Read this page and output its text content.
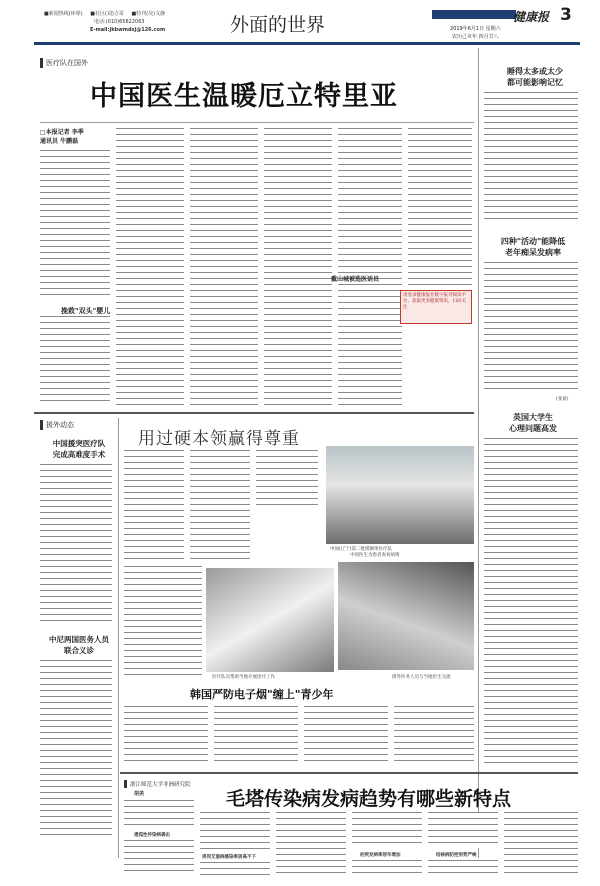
■新闻热线(环球) ■社区(刘)吉哥 ■特刊(吴)文静
电话:(010)65822063
E-mail:jkbwmdsj@126.com	外面的世界	HEALTH NEWS	健康报 3
2019年6月1日 星期六
农历己亥年 四月廿八
医疗队在国外
中国医生温暖厄立特里亚
□本报记者 李季
通讯员 牛鹏磊
挽救"双头"婴儿
请登录健康报社数字报刊阅读平台，获取更多健康资讯，扫码关注
戴山城被选医话员
睡得太多或太少
都可能影响记忆
四种"活动"能降低
老年痴呆发病率
(张蕾)
援外动态
中国援突医疗队
完成高难度手术
中尼两国医务人员
联合义诊
用过硬本领赢得尊重
中国(辽宁)第二批援刚果医疗队
中国医生为患者查看病情
援外医务人员与当地医生交流
医疗队员帮助当地开展诊疗工作
韩国严防电子烟"缠上"青少年
英国大学生
心理问题高发
浙江师范大学非洲研究院
胡美	毛塔传染病发病趋势有哪些新特点
遗孤性传染病袭击
男同艾滋病感染率居高不下	疟疾发病率居年增加	结核病防控形势严峻
